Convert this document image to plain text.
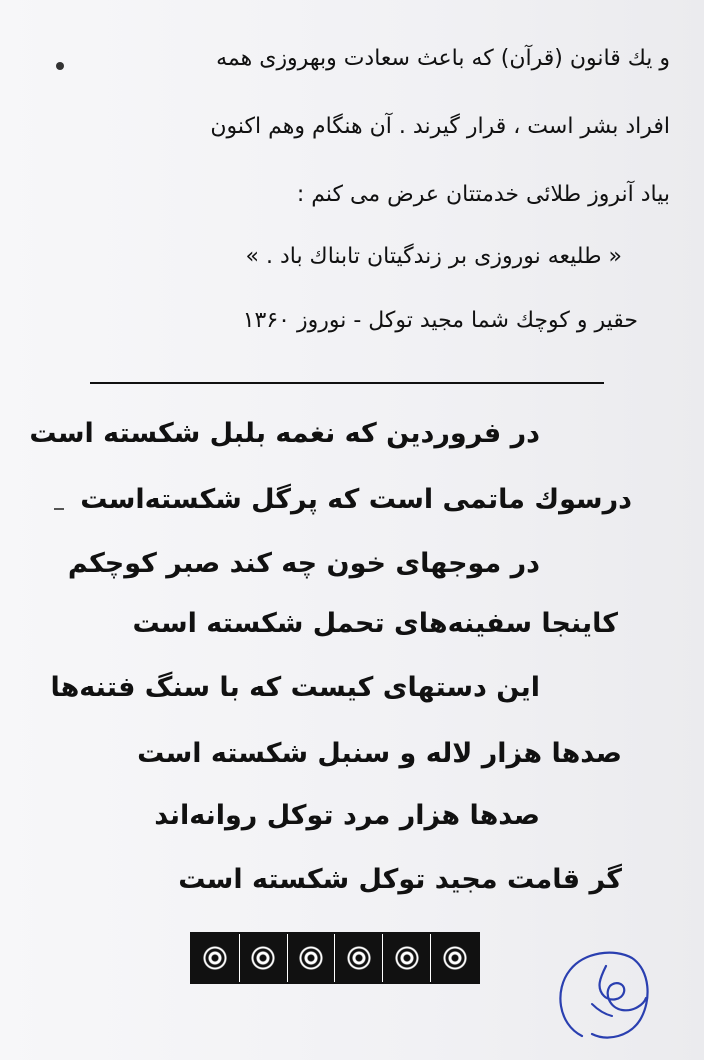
و یك قانون (قرآن) که باعث سعادت وبهروزی همه
افراد بشر است ، قرار گیرند . آن هنگام وهم اکنون
بیاد آنروز طلائی خدمتتان عرض می کنم :
« طلیعه نوروزی بر زندگیتان تابناك باد . »
حقیر و کوچك شما مجید توکل - نوروز ۱۳۶۰
در فروردین که نغمه بلبل شکسته است
درسوك ماتمی است که پرگل شکسته‌است
در موجهای خون چه کند صبر کوچکم
کاینجا سفینه‌های تحمل شکسته است
این دستهای کیست که با سنگ فتنه‌ها
صدها هزار لاله و سنبل شکسته است
صدها هزار مرد توکل روانه‌اند
گر قامت مجید توکل شکسته است
